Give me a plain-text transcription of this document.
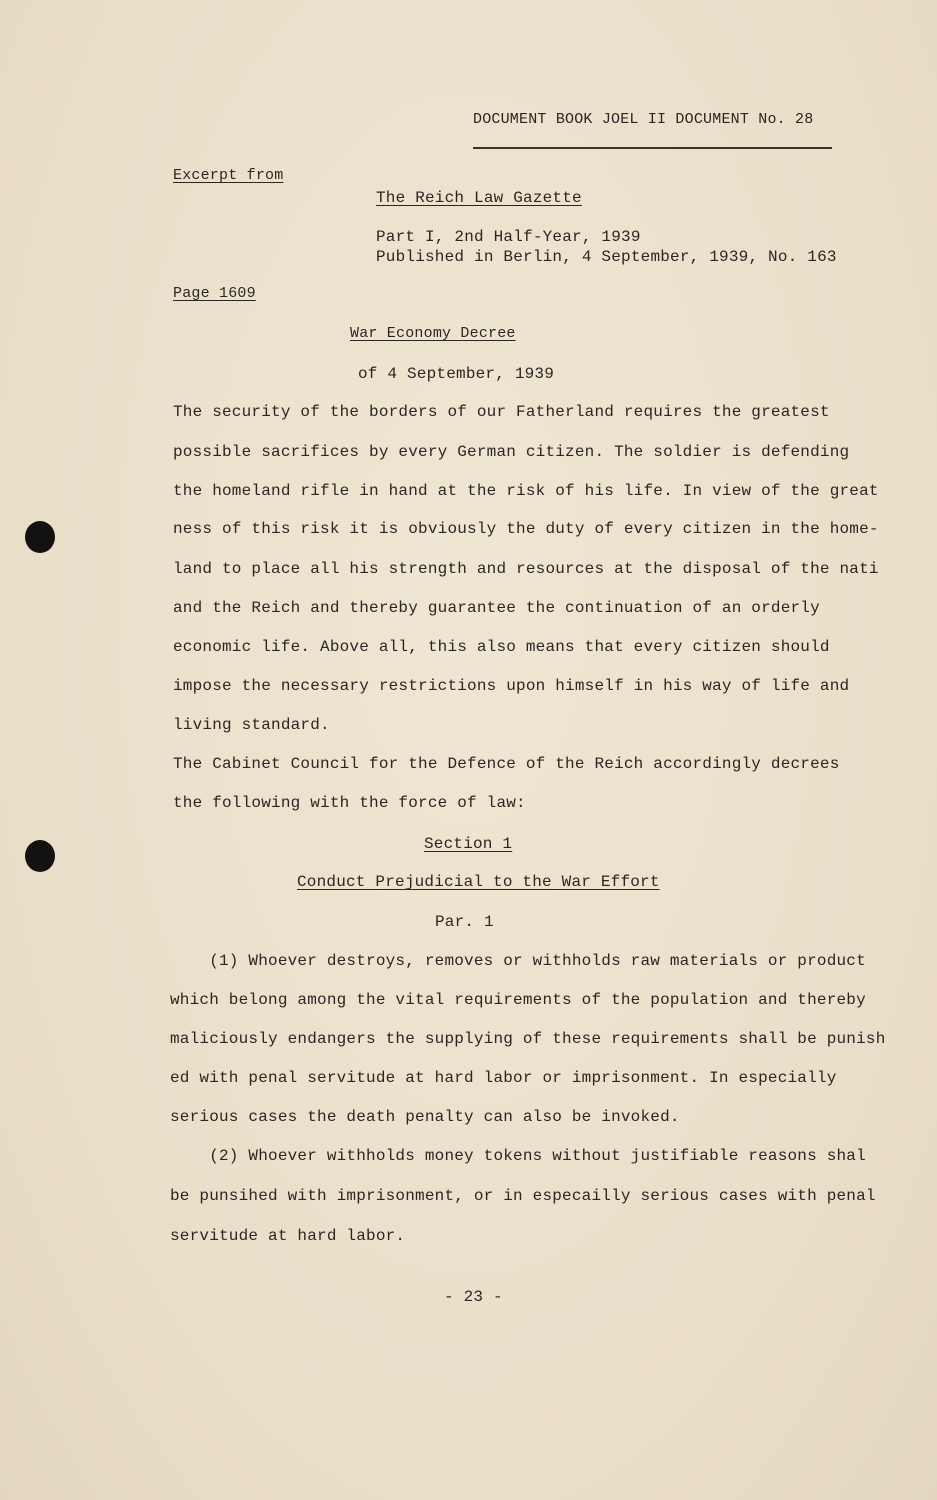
DOCUMENT BOOK JOEL II DOCUMENT No. 28
Excerpt from
The Reich Law Gazette
Part I, 2nd Half-Year, 1939
Published in Berlin, 4 September, 1939, No. 163
Page 1609
War Economy Decree
of 4 September, 1939
The security of the borders of our Fatherland requires the greatest
possible sacrifices by every German citizen. The soldier is defending
the homeland rifle in hand at the risk of his life. In view of the great
ness of this risk it is obviously the duty of every citizen in the home-
land to place all his strength and resources at the disposal of the nati
and the Reich and thereby guarantee the continuation of an orderly
economic life. Above all, this also means that every citizen should
impose the necessary restrictions upon himself in his way of life and
living standard.
The Cabinet Council for the Defence of the Reich accordingly decrees
the following with the force of law:
Section 1
Conduct Prejudicial to the War Effort
Par. 1
(1) Whoever destroys, removes or withholds raw materials or product
which belong among the vital requirements of the population and thereby
maliciously endangers the supplying of these requirements shall be punish
ed with penal servitude at hard labor or imprisonment. In especially
serious cases the death penalty can also be invoked.
(2) Whoever withholds money tokens without justifiable reasons shal
be punsihed with imprisonment, or in especailly serious cases with penal
servitude at hard labor.
- 23 -
